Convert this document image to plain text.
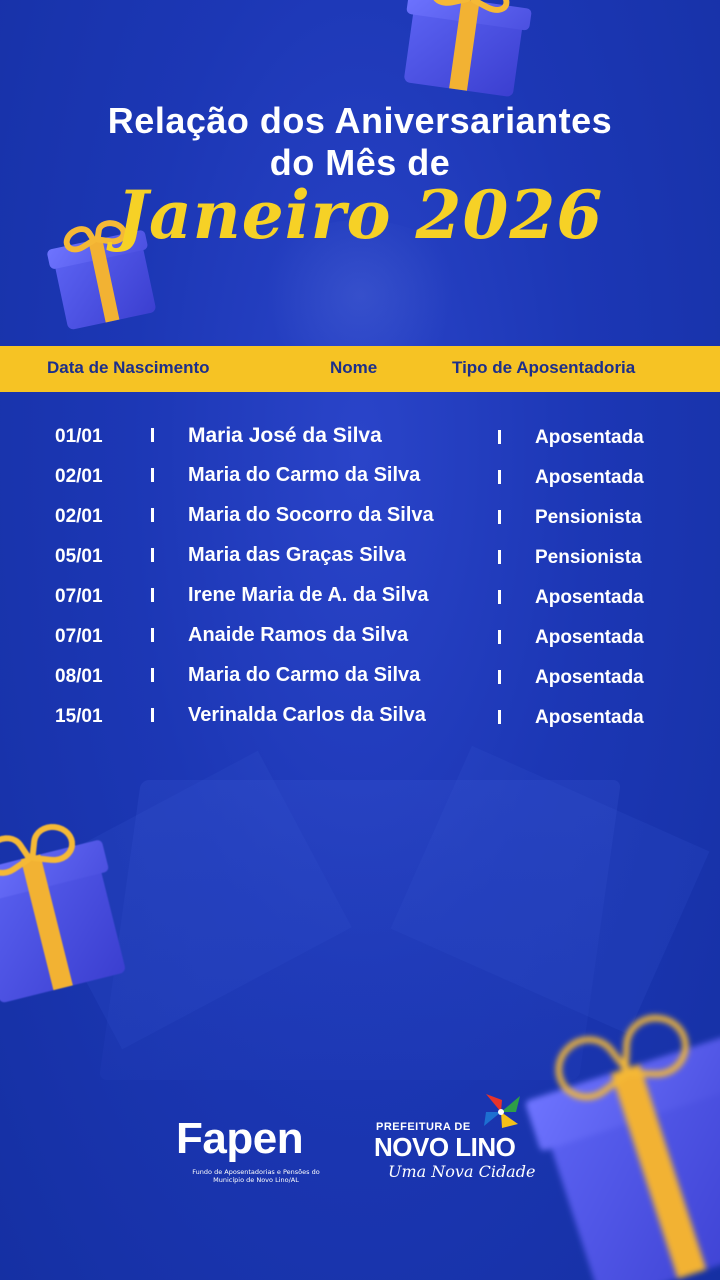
Relação dos Aniversariantes
do Mês de
Janeiro 2026
Data de Nascimento	Nome	Tipo de Aposentadoria
01/01	Maria José da Silva	Aposentada
02/01	Maria do Carmo da Silva	Aposentada
02/01	Maria do Socorro da Silva	Pensionista
05/01	Maria das Graças Silva	Pensionista
07/01	Irene Maria de A. da Silva	Aposentada
07/01	Anaide Ramos da Silva	Aposentada
08/01	Maria do Carmo da Silva	Aposentada
15/01	Verinalda Carlos da Silva	Aposentada
Fapen
Fundo de Aposentadorias e Pensões do Município de Novo Lino/AL
PREFEITURA DE
NOVO LINO
Uma Nova Cidade
